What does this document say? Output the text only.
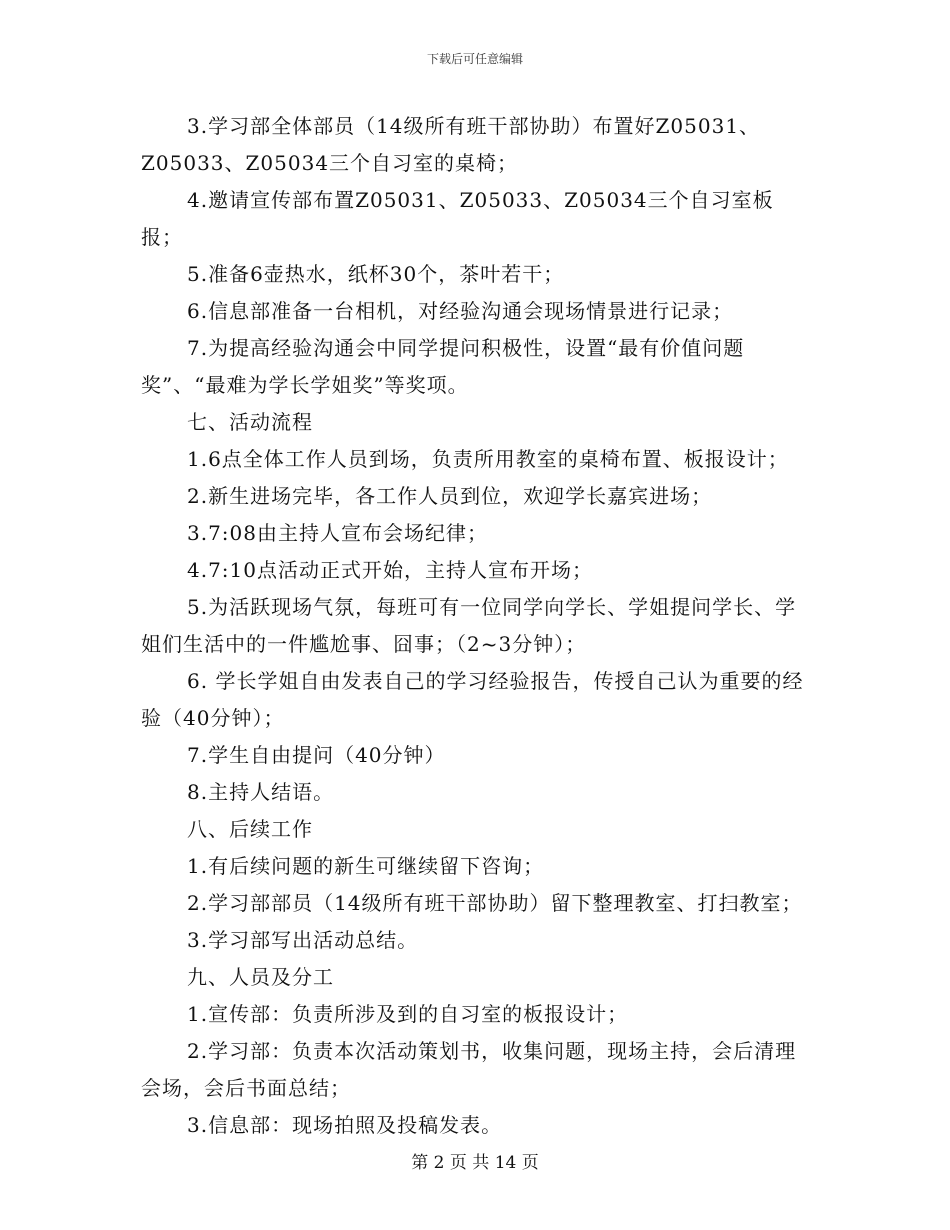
下载后可任意编辑

3.学习部全体部员（14级所有班干部协助）布置好Z05031、Z05033、Z05034三个自习室的桌椅；

4.邀请宣传部布置Z05031、Z05033、Z05034三个自习室板报；

5.准备6壶热水，纸杯30个，茶叶若干；

6.信息部准备一台相机，对经验沟通会现场情景进行记录；

7.为提高经验沟通会中同学提问积极性，设置“最有价值问题奖”、“最难为学长学姐奖”等奖项。

七、活动流程

1.6点全体工作人员到场，负责所用教室的桌椅布置、板报设计；

2.新生进场完毕，各工作人员到位，欢迎学长嘉宾进场；

3.7:08由主持人宣布会场纪律；

4.7:10点活动正式开始，主持人宣布开场；

5.为活跃现场气氛，每班可有一位同学向学长、学姐提问学长、学姐们生活中的一件尴尬事、囧事；（2~3分钟）；

6. 学长学姐自由发表自己的学习经验报告，传授自己认为重要的经验（40分钟）；

7.学生自由提问（40分钟）

8.主持人结语。

八、后续工作

1.有后续问题的新生可继续留下咨询；

2.学习部部员（14级所有班干部协助）留下整理教室、打扫教室；

3.学习部写出活动总结。

九、人员及分工

1.宣传部：负责所涉及到的自习室的板报设计；

2.学习部：负责本次活动策划书，收集问题，现场主持，会后清理会场，会后书面总结；

3.信息部：现场拍照及投稿发表。

第 2 页 共 14 页
